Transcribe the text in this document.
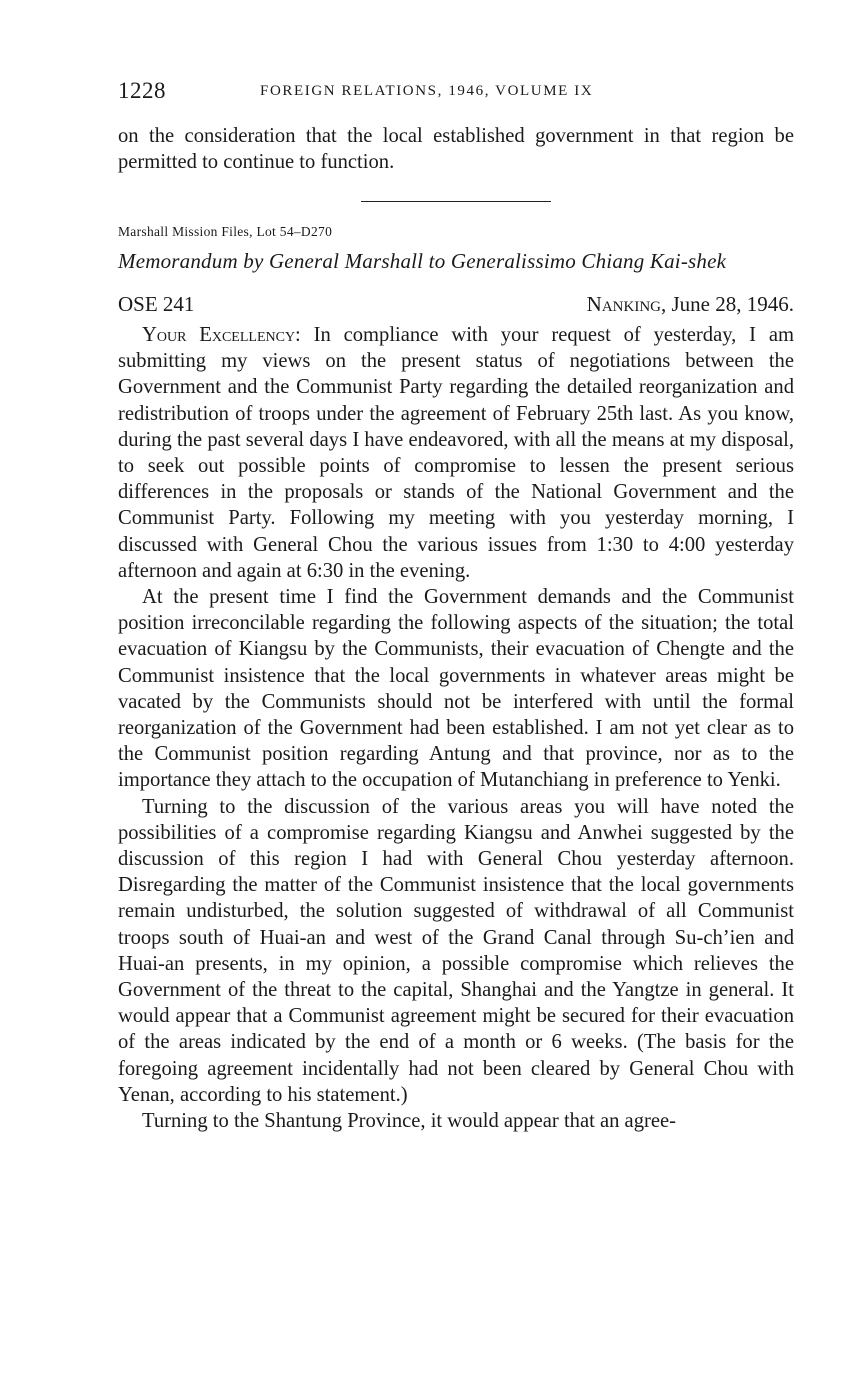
1228	FOREIGN RELATIONS, 1946, VOLUME IX
on the consideration that the local established government in that region be permitted to continue to function.
Marshall Mission Files, Lot 54–D270
Memorandum by General Marshall to Generalissimo Chiang Kai-shek
OSE 241	Nanking, June 28, 1946.

Your Excellency: In compliance with your request of yesterday, I am submitting my views on the present status of negotiations between the Government and the Communist Party regarding the detailed reorganization and redistribution of troops under the agreement of February 25th last. As you know, during the past several days I have endeavored, with all the means at my disposal, to seek out possible points of compromise to lessen the present serious differences in the proposals or stands of the National Government and the Communist Party. Following my meeting with you yesterday morning, I discussed with General Chou the various issues from 1:30 to 4:00 yesterday afternoon and again at 6:30 in the evening.

At the present time I find the Government demands and the Communist position irreconcilable regarding the following aspects of the situation; the total evacuation of Kiangsu by the Communists, their evacuation of Chengte and the Communist insistence that the local governments in whatever areas might be vacated by the Communists should not be interfered with until the formal reorganization of the Government had been established. I am not yet clear as to the Communist position regarding Antung and that province, nor as to the importance they attach to the occupation of Mutanchiang in preference to Yenki.

Turning to the discussion of the various areas you will have noted the possibilities of a compromise regarding Kiangsu and Anwhei suggested by the discussion of this region I had with General Chou yesterday afternoon. Disregarding the matter of the Communist insistence that the local governments remain undisturbed, the solution suggested of withdrawal of all Communist troops south of Huai-an and west of the Grand Canal through Su-ch’ien and Huai-an presents, in my opinion, a possible compromise which relieves the Government of the threat to the capital, Shanghai and the Yangtze in general. It would appear that a Communist agreement might be secured for their evacuation of the areas indicated by the end of a month or 6 weeks. (The basis for the foregoing agreement incidentally had not been cleared by General Chou with Yenan, according to his statement.)

Turning to the Shantung Province, it would appear that an agree-
